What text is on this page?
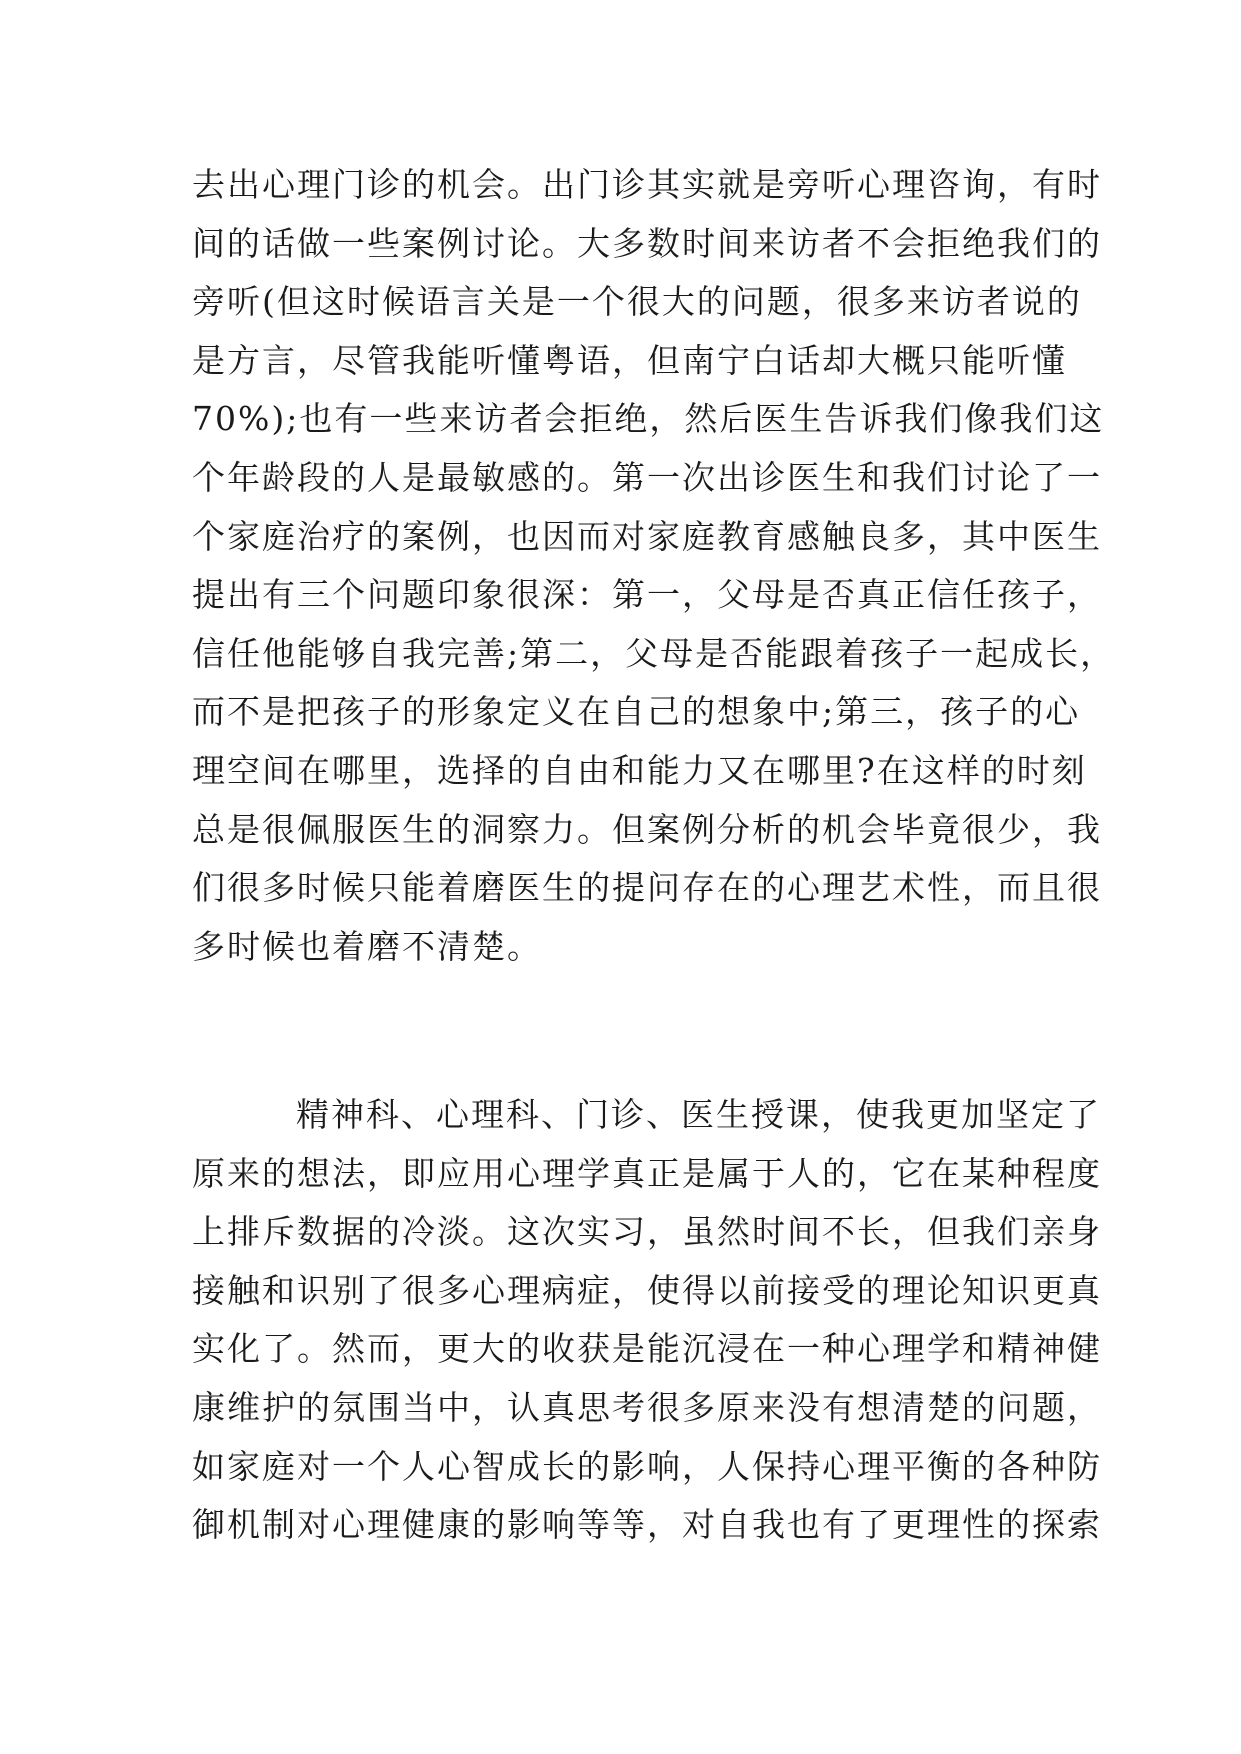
去出心理门诊的机会。出门诊其实就是旁听心理咨询，有时
间的话做一些案例讨论。大多数时间来访者不会拒绝我们的
旁听(但这时候语言关是一个很大的问题，很多来访者说的
是方言，尽管我能听懂粤语，但南宁白话却大概只能听懂
70%);也有一些来访者会拒绝，然后医生告诉我们像我们这
个年龄段的人是最敏感的。第一次出诊医生和我们讨论了一
个家庭治疗的案例，也因而对家庭教育感触良多，其中医生
提出有三个问题印象很深：第一，父母是否真正信任孩子，
信任他能够自我完善;第二，父母是否能跟着孩子一起成长，
而不是把孩子的形象定义在自己的想象中;第三，孩子的心
理空间在哪里，选择的自由和能力又在哪里?在这样的时刻
总是很佩服医生的洞察力。但案例分析的机会毕竟很少，我
们很多时候只能着磨医生的提问存在的心理艺术性，而且很
多时候也着磨不清楚。
精神科、心理科、门诊、医生授课，使我更加坚定了
原来的想法，即应用心理学真正是属于人的，它在某种程度
上排斥数据的冷淡。这次实习，虽然时间不长，但我们亲身
接触和识别了很多心理病症，使得以前接受的理论知识更真
实化了。然而，更大的收获是能沉浸在一种心理学和精神健
康维护的氛围当中，认真思考很多原来没有想清楚的问题，
如家庭对一个人心智成长的影响，人保持心理平衡的各种防
御机制对心理健康的影响等等，对自我也有了更理性的探索
